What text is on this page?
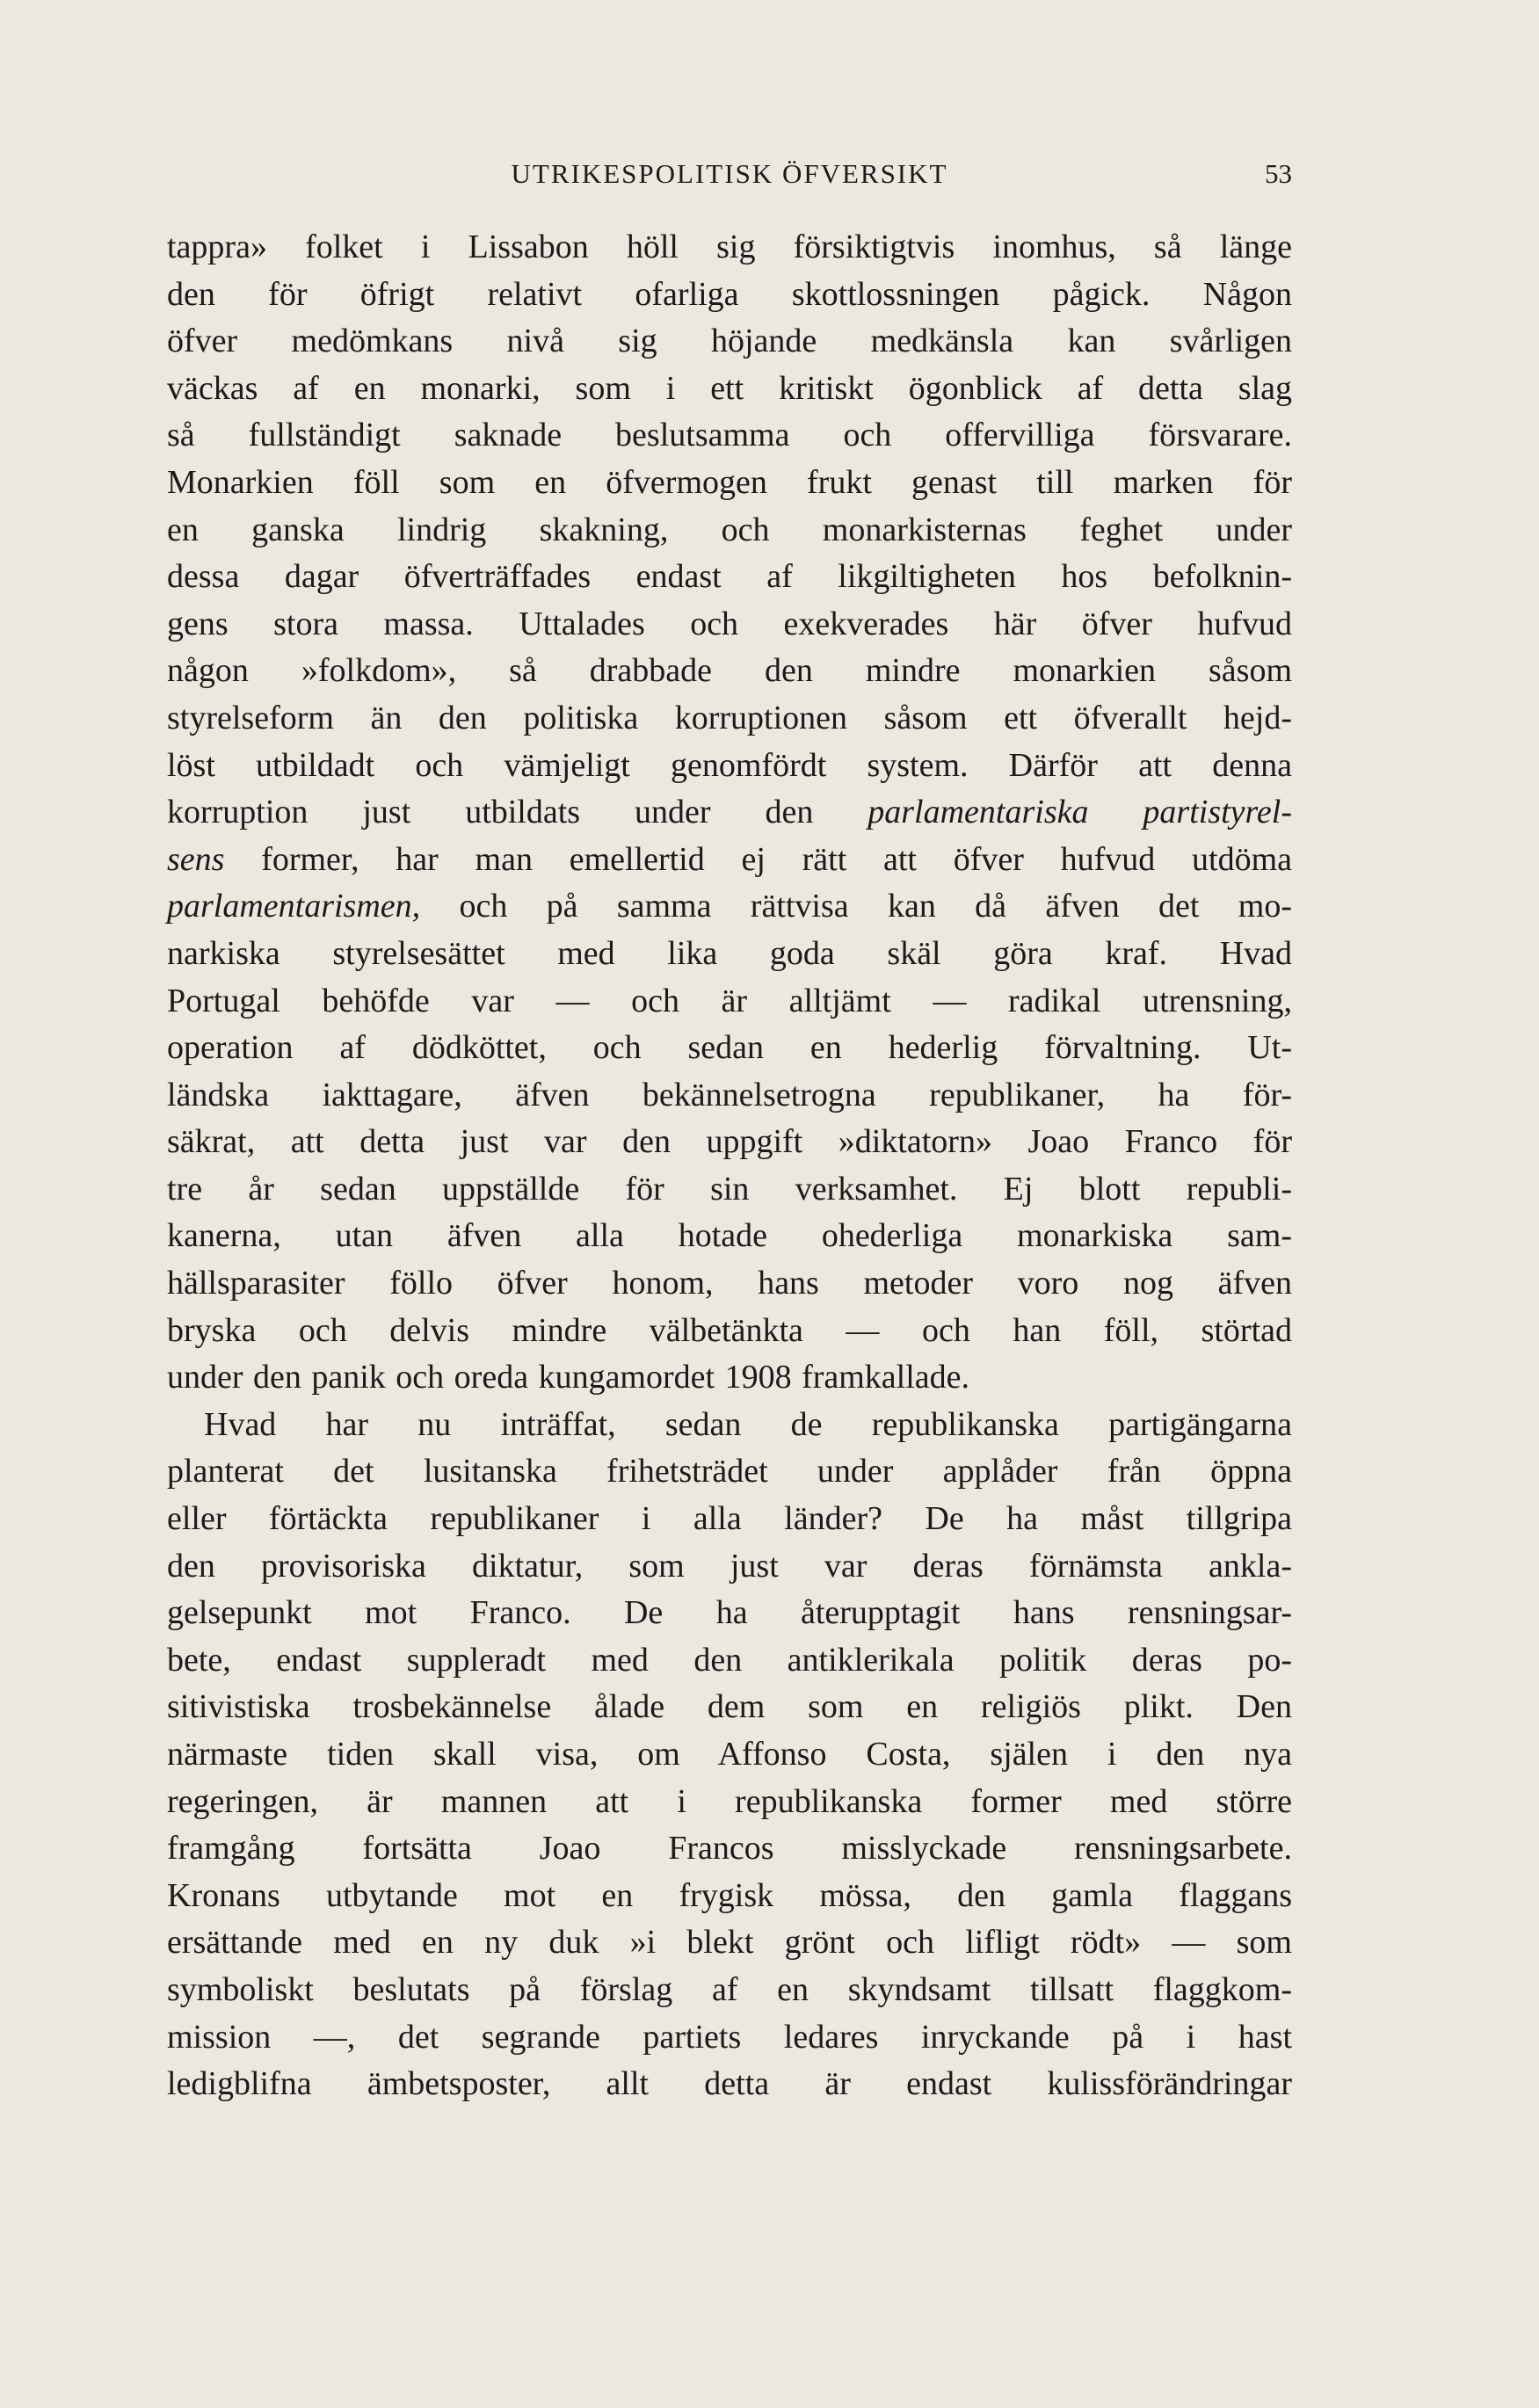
UTRIKESPOLITISK ÖFVERSIKT	53
tappra» folket i Lissabon höll sig försiktigtvis inomhus, så länge
den för öfrigt relativt ofarliga skottlossningen pågick. Någon
öfver medömkans nivå sig höjande medkänsla kan svårligen
väckas af en monarki, som i ett kritiskt ögonblick af detta slag
så fullständigt saknade beslutsamma och offervilliga försvarare.
Monarkien föll som en öfvermogen frukt genast till marken för
en ganska lindrig skakning, och monarkisternas feghet under
dessa dagar öfverträffades endast af likgiltigheten hos befolknin-
gens stora massa. Uttalades och exekverades här öfver hufvud
någon »folkdom», så drabbade den mindre monarkien såsom
styrelseform än den politiska korruptionen såsom ett öfverallt hejd-
löst utbildadt och vämjeligt genomfördt system. Därför att denna
korruption just utbildats under den parlamentariska partistyrel-
sens former, har man emellertid ej rätt att öfver hufvud utdöma
parlamentarismen, och på samma rättvisa kan då äfven det mo-
narkiska styrelsesättet med lika goda skäl göra kraf. Hvad
Portugal behöfde var — och är alltjämt — radikal utrensning,
operation af dödköttet, och sedan en hederlig förvaltning. Ut-
ländska iakttagare, äfven bekännelsetrogna republikaner, ha för-
säkrat, att detta just var den uppgift »diktatorn» Joao Franco för
tre år sedan uppställde för sin verksamhet. Ej blott republi-
kanerna, utan äfven alla hotade ohederliga monarkiska sam-
hällsparasiter föllo öfver honom, hans metoder voro nog äfven
bryska och delvis mindre välbetänkta — och han föll, störtad
under den panik och oreda kungamordet 1908 framkallade.
Hvad har nu inträffat, sedan de republikanska partigängarna
planterat det lusitanska frihetsträdet under applåder från öppna
eller förtäckta republikaner i alla länder? De ha måst tillgripa
den provisoriska diktatur, som just var deras förnämsta ankla-
gelsepunkt mot Franco. De ha återupptagit hans rensningsar-
bete, endast suppleradt med den antiklerikala politik deras po-
sitivistiska trosbekännelse ålade dem som en religiös plikt. Den
närmaste tiden skall visa, om Affonso Costa, själen i den nya
regeringen, är mannen att i republikanska former med större
framgång fortsätta Joao Francos misslyckade rensningsarbete.
Kronans utbytande mot en frygisk mössa, den gamla flaggans
ersättande med en ny duk »i blekt grönt och lifligt rödt» — som
symboliskt beslutats på förslag af en skyndsamt tillsatt flaggkom-
mission —, det segrande partiets ledares inryckande på i hast
ledigblifna ämbetsposter, allt detta är endast kulissförändringar
